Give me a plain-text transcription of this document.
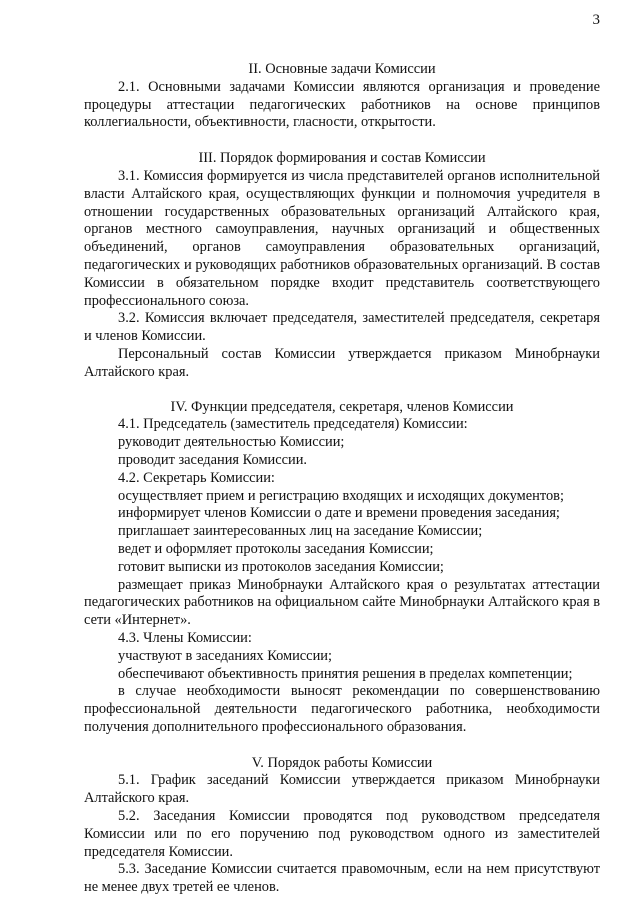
3

II. Основные задачи Комиссии

2.1. Основными задачами Комиссии являются организация и проведение процедуры аттестации педагогических работников на основе принципов коллегиальности, объективности, гласности, открытости.

III. Порядок формирования и состав Комиссии

3.1. Комиссия формируется из числа представителей органов исполнительной власти Алтайского края, осуществляющих функции и полномочия учредителя в отношении государственных образовательных организаций Алтайского края, органов местного самоуправления, научных организаций и общественных объединений, органов самоуправления образовательных организаций, педагогических и руководящих работников образовательных организаций. В состав Комиссии в обязательном порядке входит представитель соответствующего профессионального союза.

3.2. Комиссия включает председателя, заместителей председателя, секретаря и членов Комиссии.

Персональный состав Комиссии утверждается приказом Минобрнауки Алтайского края.

IV. Функции председателя, секретаря, членов Комиссии

4.1. Председатель (заместитель председателя) Комиссии:

руководит деятельностью Комиссии;

проводит заседания Комиссии.

4.2. Секретарь Комиссии:

осуществляет прием и регистрацию входящих и исходящих документов;

информирует членов Комиссии о дате и времени проведения заседания;

приглашает заинтересованных лиц на заседание Комиссии;

ведет и оформляет протоколы заседания Комиссии;

готовит выписки из протоколов заседания Комиссии;

размещает приказ Минобрнауки Алтайского края о результатах аттестации педагогических работников на официальном сайте Минобрнауки Алтайского края в сети «Интернет».

4.3. Члены Комиссии:

участвуют в заседаниях Комиссии;

обеспечивают объективность принятия решения в пределах компетенции;

в случае необходимости выносят рекомендации по совершенствованию профессиональной деятельности педагогического работника, необходимости получения дополнительного профессионального образования.

V. Порядок работы Комиссии

5.1. График заседаний Комиссии утверждается приказом Минобрнауки Алтайского края.

5.2. Заседания Комиссии проводятся под руководством председателя Комиссии или по его поручению под руководством одного из заместителей председателя Комиссии.

5.3. Заседание Комиссии считается правомочным, если на нем присутствуют не менее двух третей ее членов.
